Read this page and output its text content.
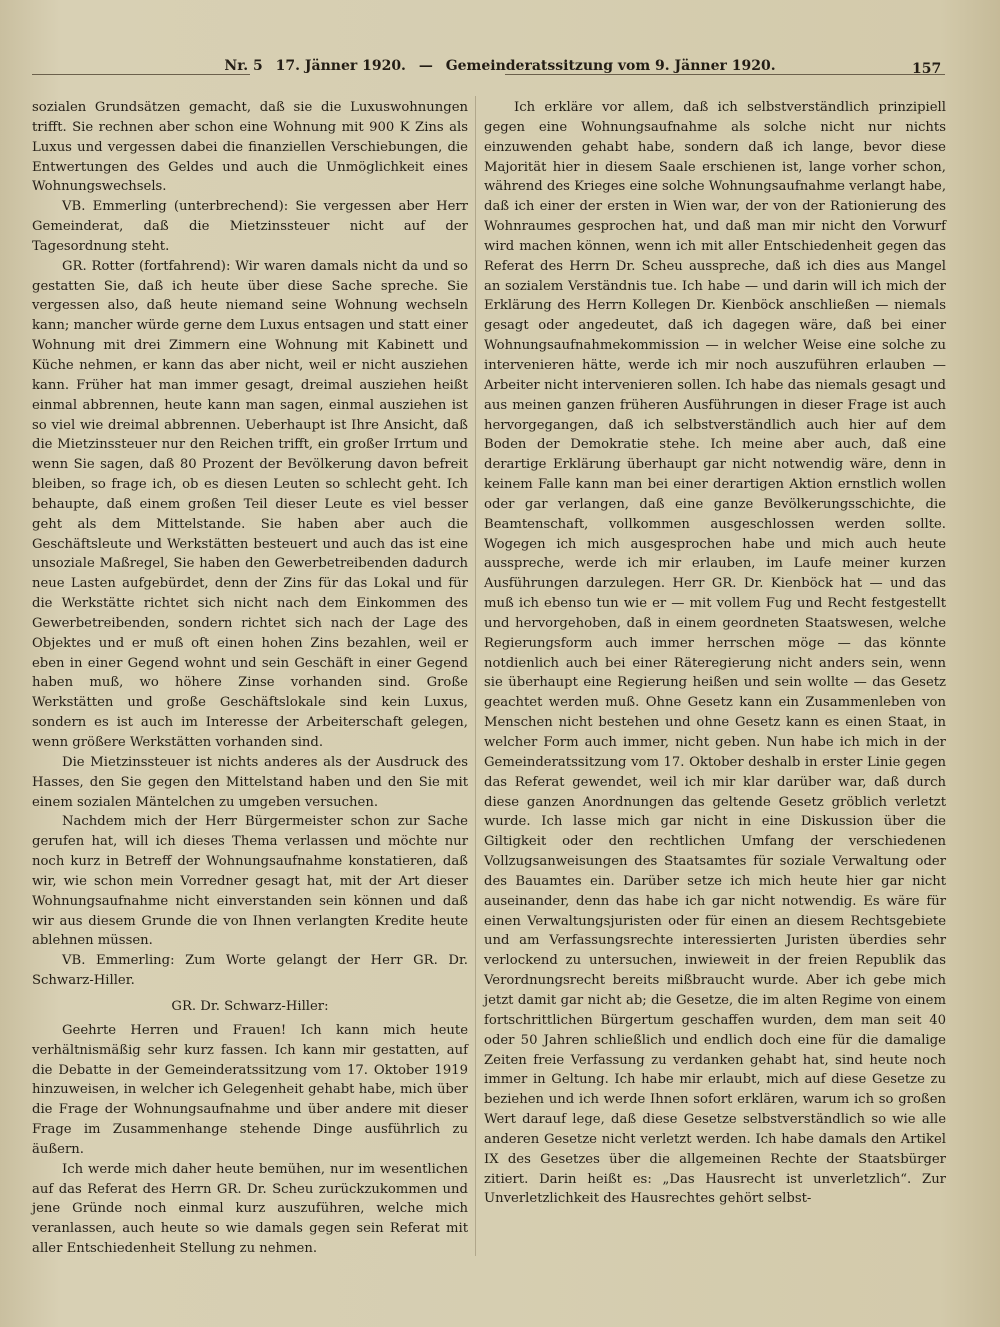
Nr. 5 17. Jänner 1920. — Gemeinderatssitzung vom 9. Jänner 1920.	157

sozialen Grundsätzen gemacht, daß sie die Luxuswohnungen trifft. Sie rechnen aber schon eine Wohnung mit 900 K Zins als Luxus und vergessen dabei die finanziellen Verschiebungen, die Entwertungen des Geldes und auch die Unmöglichkeit eines Wohnungswechsels.

VB. Emmerling (unterbrechend): Sie vergessen aber Herr Gemeinderat, daß die Mietzinssteuer nicht auf der Tagesordnung steht.

GR. Rotter (fortfahrend): Wir waren damals nicht da und so gestatten Sie, daß ich heute über diese Sache spreche. Sie vergessen also, daß heute niemand seine Wohnung wechseln kann; mancher würde gerne dem Luxus entsagen und statt einer Wohnung mit drei Zimmern eine Wohnung mit Kabinett und Küche nehmen, er kann das aber nicht, weil er nicht ausziehen kann. Früher hat man immer gesagt, dreimal ausziehen heißt einmal abbrennen, heute kann man sagen, einmal ausziehen ist so viel wie dreimal abbrennen. Ueberhaupt ist Ihre Ansicht, daß die Mietzinssteuer nur den Reichen trifft, ein großer Irrtum und wenn Sie sagen, daß 80 Prozent der Bevölkerung davon befreit bleiben, so frage ich, ob es diesen Leuten so schlecht geht. Ich behaupte, daß einem großen Teil dieser Leute es viel besser geht als dem Mittelstande. Sie haben aber auch die Geschäftsleute und Werkstätten besteuert und auch das ist eine unsoziale Maßregel, Sie haben den Gewerbetreibenden dadurch neue Lasten aufgebürdet, denn der Zins für das Lokal und für die Werkstätte richtet sich nicht nach dem Einkommen des Gewerbetreibenden, sondern richtet sich nach der Lage des Objektes und er muß oft einen hohen Zins bezahlen, weil er eben in einer Gegend wohnt und sein Geschäft in einer Gegend haben muß, wo höhere Zinse vorhanden sind. Große Werkstätten und große Geschäftslokale sind kein Luxus, sondern es ist auch im Interesse der Arbeiterschaft gelegen, wenn größere Werkstätten vorhanden sind.

Die Mietzinssteuer ist nichts anderes als der Ausdruck des Hasses, den Sie gegen den Mittelstand haben und den Sie mit einem sozialen Mäntelchen zu umgeben versuchen.

Nachdem mich der Herr Bürgermeister schon zur Sache gerufen hat, will ich dieses Thema verlassen und möchte nur noch kurz in Betreff der Wohnungsaufnahme konstatieren, daß wir, wie schon mein Vorredner gesagt hat, mit der Art dieser Wohnungsaufnahme nicht einverstanden sein können und daß wir aus diesem Grunde die von Ihnen verlangten Kredite heute ablehnen müssen.

VB. Emmerling: Zum Worte gelangt der Herr GR. Dr. Schwarz-Hiller.

GR. Dr. Schwarz-Hiller:

Geehrte Herren und Frauen! Ich kann mich heute verhältnismäßig sehr kurz fassen. Ich kann mir gestatten, auf die Debatte in der Gemeinderatssitzung vom 17. Oktober 1919 hinzuweisen, in welcher ich Gelegenheit gehabt habe, mich über die Frage der Wohnungsaufnahme und über andere mit dieser Frage im Zusammenhange stehende Dinge ausführlich zu äußern.

Ich werde mich daher heute bemühen, nur im wesentlichen auf das Referat des Herrn GR. Dr. Scheu zurückzukommen und jene Gründe noch einmal kurz auszuführen, welche mich veranlassen, auch heute so wie damals gegen sein Referat mit aller Entschiedenheit Stellung zu nehmen.

Ich erkläre vor allem, daß ich selbstverständlich prinzipiell gegen eine Wohnungsaufnahme als solche nicht nur nichts einzuwenden gehabt habe, sondern daß ich lange, bevor diese Majorität hier in diesem Saale erschienen ist, lange vorher schon, während des Krieges eine solche Wohnungsaufnahme verlangt habe, daß ich einer der ersten in Wien war, der von der Rationierung des Wohnraumes gesprochen hat, und daß man mir nicht den Vorwurf wird machen können, wenn ich mit aller Entschiedenheit gegen das Referat des Herrn Dr. Scheu ausspreche, daß ich dies aus Mangel an sozialem Verständnis tue. Ich habe — und darin will ich mich der Erklärung des Herrn Kollegen Dr. Kienböck anschließen — niemals gesagt oder angedeutet, daß ich dagegen wäre, daß bei einer Wohnungsaufnahmekommission — in welcher Weise eine solche zu intervenieren hätte, werde ich mir noch auszuführen erlauben — Arbeiter nicht intervenieren sollen. Ich habe das niemals gesagt und aus meinen ganzen früheren Ausführungen in dieser Frage ist auch hervorgegangen, daß ich selbstverständlich auch hier auf dem Boden der Demokratie stehe. Ich meine aber auch, daß eine derartige Erklärung überhaupt gar nicht notwendig wäre, denn in keinem Falle kann man bei einer derartigen Aktion ernstlich wollen oder gar verlangen, daß eine ganze Bevölkerungsschichte, die Beamtenschaft, vollkommen ausgeschlossen werden sollte. Wogegen ich mich ausgesprochen habe und mich auch heute ausspreche, werde ich mir erlauben, im Laufe meiner kurzen Ausführungen darzulegen. Herr GR. Dr. Kienböck hat — und das muß ich ebenso tun wie er — mit vollem Fug und Recht festgestellt und hervorgehoben, daß in einem geordneten Staatswesen, welche Regierungsform auch immer herrschen möge — das könnte notdienlich auch bei einer Räteregierung nicht anders sein, wenn sie überhaupt eine Regierung heißen und sein wollte — das Gesetz geachtet werden muß. Ohne Gesetz kann ein Zusammenleben von Menschen nicht bestehen und ohne Gesetz kann es einen Staat, in welcher Form auch immer, nicht geben. Nun habe ich mich in der Gemeinderatssitzung vom 17. Oktober deshalb in erster Linie gegen das Referat gewendet, weil ich mir klar darüber war, daß durch diese ganzen Anordnungen das geltende Gesetz gröblich verletzt wurde. Ich lasse mich gar nicht in eine Diskussion über die Giltigkeit oder den rechtlichen Umfang der verschiedenen Vollzugsanweisungen des Staatsamtes für soziale Verwaltung oder des Bauamtes ein. Darüber setze ich mich heute hier gar nicht auseinander, denn das habe ich gar nicht notwendig. Es wäre für einen Verwaltungsjuristen oder für einen an diesem Rechtsgebiete und am Verfassungsrechte interessierten Juristen überdies sehr verlockend zu untersuchen, inwieweit in der freien Republik das Verordnungsrecht bereits mißbraucht wurde. Aber ich gebe mich jetzt damit gar nicht ab; die Gesetze, die im alten Regime von einem fortschrittlichen Bürgertum geschaffen wurden, dem man seit 40 oder 50 Jahren schließlich und endlich doch eine für die damalige Zeiten freie Verfassung zu verdanken gehabt hat, sind heute noch immer in Geltung. Ich habe mir erlaubt, mich auf diese Gesetze zu beziehen und ich werde Ihnen sofort erklären, warum ich so großen Wert darauf lege, daß diese Gesetze selbstverständlich so wie alle anderen Gesetze nicht verletzt werden. Ich habe damals den Artikel IX des Gesetzes über die allgemeinen Rechte der Staatsbürger zitiert. Darin heißt es: „Das Hausrecht ist unverletzlich“. Zur Unverletzlichkeit des Hausrechtes gehört selbst-
